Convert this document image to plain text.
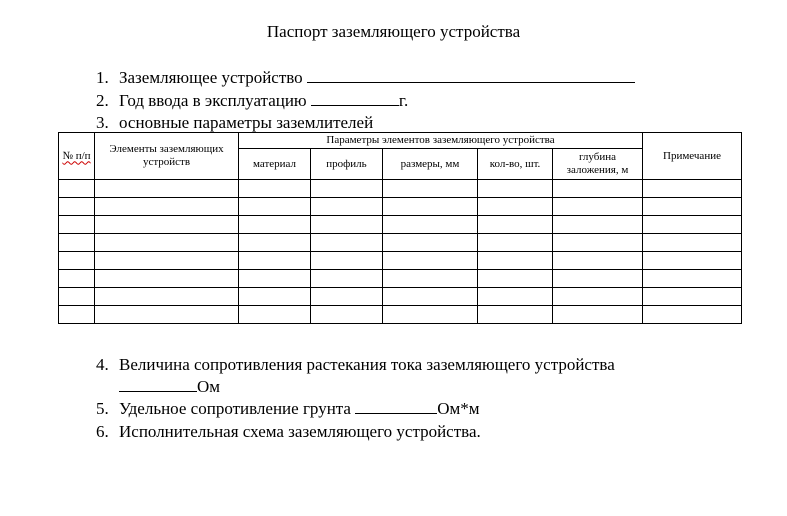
Паспорт заземляющего устройства
1. Заземляющее устройство
2. Год ввода в эксплуатацию	г.
3. основные параметры заземлителей
№ п/п	Элементы заземляющих устройств	Параметры элементов заземляющего устройства					Примечание
		материал	профиль	размеры, мм	кол-во, шт.	глубина заложения, м	

4. Величина сопротивления растекания тока заземляющего устройства
Ом
5. Удельное сопротивление грунта	Ом*м
6. Исполнительная схема заземляющего устройства.
